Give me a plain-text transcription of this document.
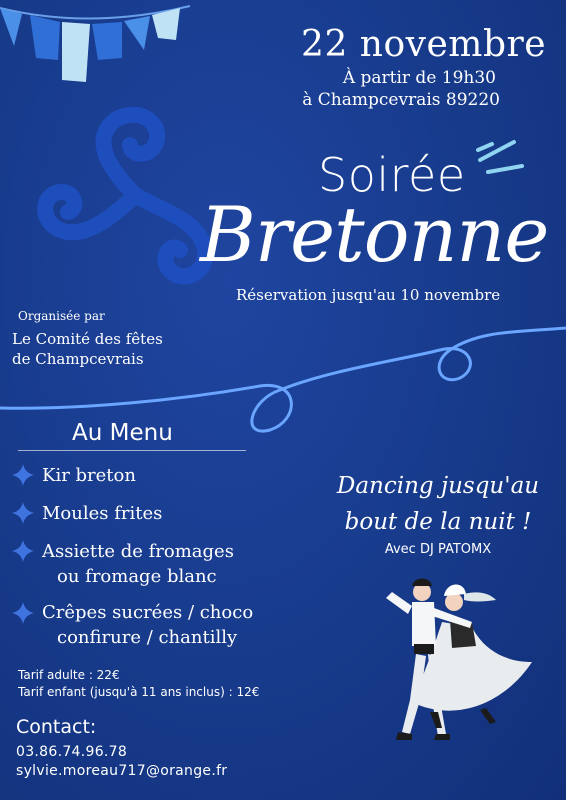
22 novembre
À partir de 19h30
à Champcevrais 89220
Soirée
Bretonne
Réservation jusqu'au 10 novembre
Organisée par
Le Comité des fêtes
de Champcevrais
Au Menu
Kir breton
Moules frites
Assiette de fromages
ou fromage blanc
Crêpes sucrées / choco
confirure / chantilly
Tarif adulte : 22€
Tarif enfant (jusqu'à 11 ans inclus) : 12€
Dancing jusqu'au
bout de la nuit !
Avec DJ PATOMX
Contact:
03.86.74.96.78
sylvie.moreau717@orange.fr
